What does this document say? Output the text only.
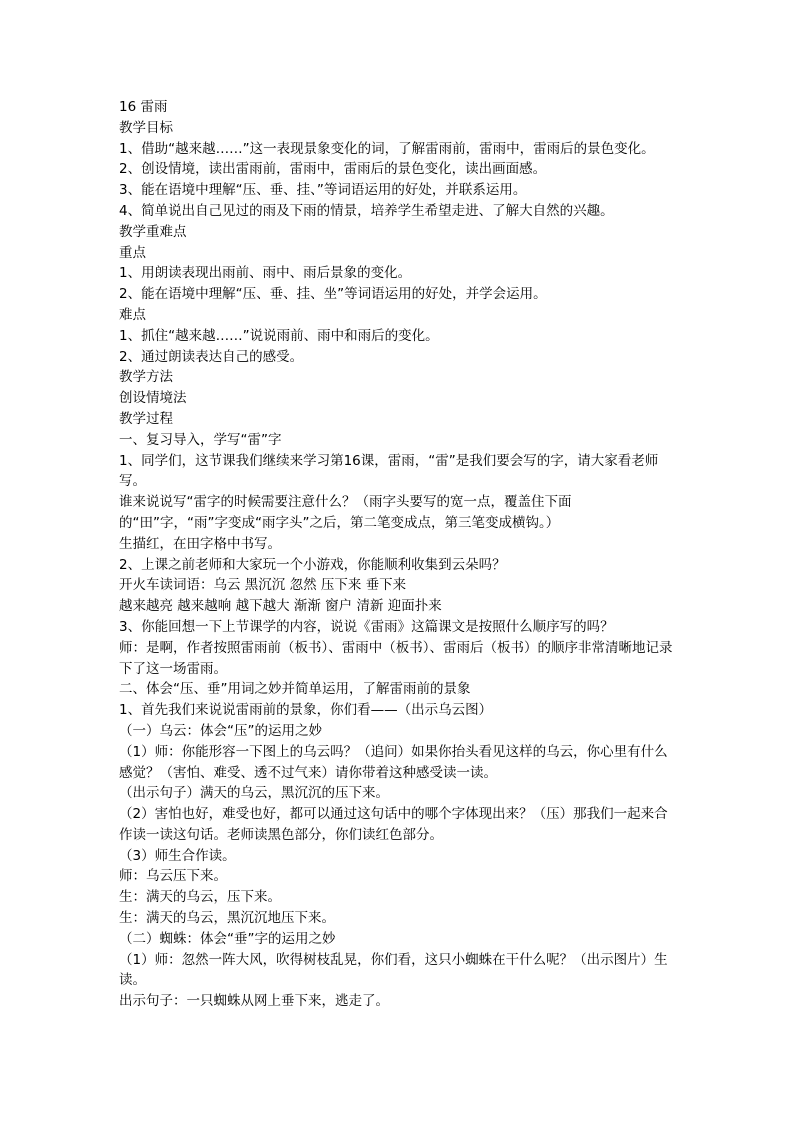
16 雷雨
教学目标
1、借助“越来越……”这一表现景象变化的词，了解雷雨前，雷雨中，雷雨后的景色变化。
2、创设情境，读出雷雨前，雷雨中，雷雨后的景色变化，读出画面感。
3、能在语境中理解“压、垂、挂、”等词语运用的好处，并联系运用。
4、简单说出自己见过的雨及下雨的情景，培养学生希望走进、了解大自然的兴趣。
教学重难点
重点
1、用朗读表现出雨前、雨中、雨后景象的变化。
2、能在语境中理解“压、垂、挂、坐”等词语运用的好处，并学会运用。
难点
1、抓住“越来越……”说说雨前、雨中和雨后的变化。
2、通过朗读表达自己的感受。
教学方法
创设情境法
教学过程
一、复习导入，学写“雷”字
1、同学们，这节课我们继续来学习第16课，雷雨，“雷”是我们要会写的字，请大家看老师写。
谁来说说写“雷字的时候需要注意什么？（雨字头要写的宽一点，覆盖住下面的“田”字，“雨”字变成“雨字头”之后，第二笔变成点，第三笔变成横钩。）
生描红，在田字格中书写。
2、上课之前老师和大家玩一个小游戏，你能顺利收集到云朵吗？
开火车读词语：乌云 黑沉沉 忽然 压下来 垂下来
越来越亮 越来越响 越下越大 渐渐 窗户 清新 迎面扑来
3、你能回想一下上节课学的内容，说说《雷雨》这篇课文是按照什么顺序写的吗？
师：是啊，作者按照雷雨前（板书）、雷雨中（板书）、雷雨后（板书）的顺序非常清晰地记录下了这一场雷雨。
二、体会“压、垂”用词之妙并简单运用，了解雷雨前的景象
1、首先我们来说说雷雨前的景象，你们看——（出示乌云图）
（一）乌云：体会“压”的运用之妙
（1）师：你能形容一下图上的乌云吗？（追问）如果你抬头看见这样的乌云，你心里有什么感觉？（害怕、难受、透不过气来）请你带着这种感受读一读。
（出示句子）满天的乌云，黑沉沉的压下来。
（2）害怕也好，难受也好，都可以通过这句话中的哪个字体现出来？（压）那我们一起来合作读一读这句话。老师读黑色部分，你们读红色部分。
（3）师生合作读。
师：乌云压下来。
生：满天的乌云，压下来。
生：满天的乌云，黑沉沉地压下来。
（二）蜘蛛：体会“垂”字的运用之妙
（1）师：忽然一阵大风，吹得树枝乱晃，你们看，这只小蜘蛛在干什么呢？（出示图片）生读。
出示句子：一只蜘蛛从网上垂下来，逃走了。
